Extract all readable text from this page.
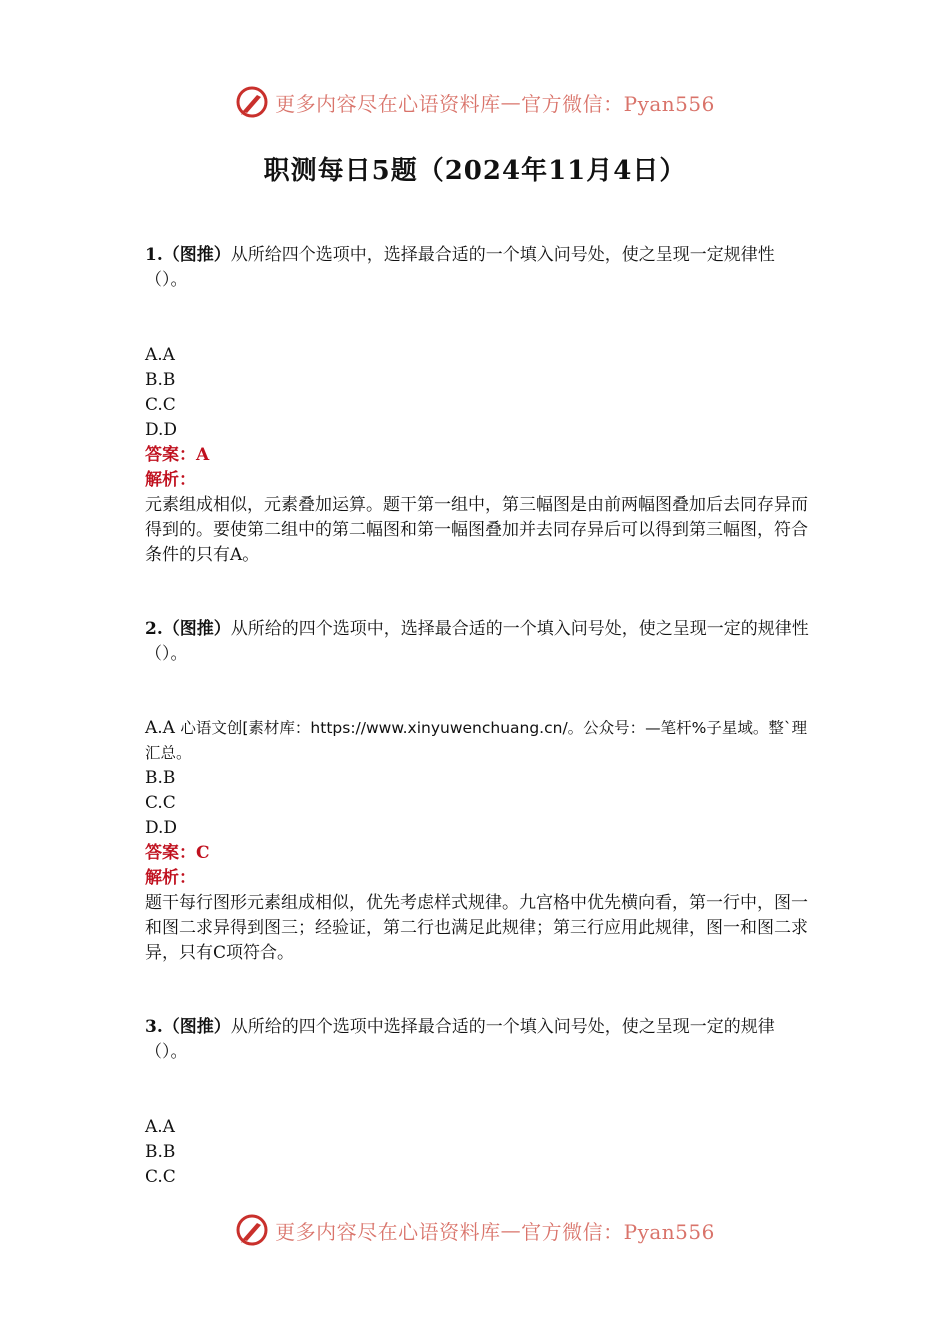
更多内容尽在心语资料库 — 官方微信：Pyan556
职测每日5题（2024年11月4日）

1.（图推）从所给四个选项中，选择最合适的一个填入问号处，使之呈现一定规律性（）。

A.A

B.B

C.C

D.D

答案：A

解析：

元素组成相似，元素叠加运算。题干第一组中，第三幅图是由前两幅图叠加后去同存异而得到的。要使第二组中的第二幅图和第一幅图叠加并去同存异后可以得到第三幅图，符合条件的只有A。

2.（图推）从所给的四个选项中，选择最合适的一个填入问号处，使之呈现一定的规律性（）。

A.A 心语文创[素材库：https://www.xinyuwenchuang.cn/。公众号：—笔杆%子星域。整`理汇总。

B.B

C.C

D.D

答案：C

解析：

题干每行图形元素组成相似，优先考虑样式规律。九宫格中优先横向看，第一行中，图一和图二求异得到图三；经验证，第二行也满足此规律；第三行应用此规律，图一和图二求异，只有C项符合。

3.（图推）从所给的四个选项中选择最合适的一个填入问号处，使之呈现一定的规律（）。

A.A

B.B

C.C

更多内容尽在心语资料库 — 官方微信：Pyan556
